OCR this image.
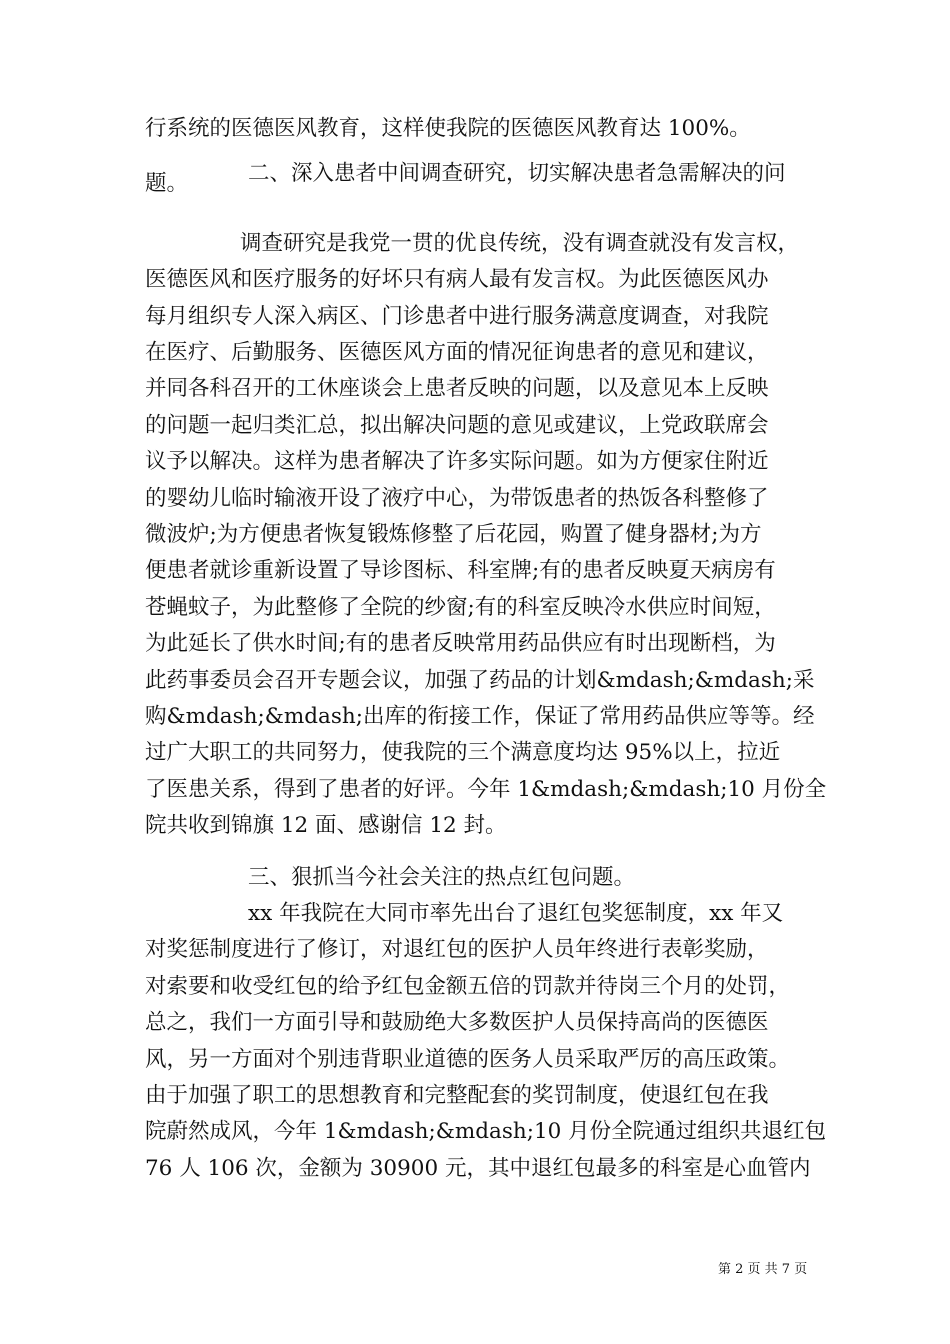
行系统的医德医风教育，这样使我院的医德医风教育达 100%。
二、深入患者中间调查研究，切实解决患者急需解决的问
题。
调查研究是我党一贯的优良传统，没有调查就没有发言权，
医德医风和医疗服务的好坏只有病人最有发言权。为此医德医风办
每月组织专人深入病区、门诊患者中进行服务满意度调查，对我院
在医疗、后勤服务、医德医风方面的情况征询患者的意见和建议，
并同各科召开的工休座谈会上患者反映的问题，以及意见本上反映
的问题一起归类汇总，拟出解决问题的意见或建议，上党政联席会
议予以解决。这样为患者解决了许多实际问题。如为方便家住附近
的婴幼儿临时输液开设了液疗中心，为带饭患者的热饭各科整修了
微波炉;为方便患者恢复锻炼修整了后花园，购置了健身器材;为方
便患者就诊重新设置了导诊图标、科室牌;有的患者反映夏天病房有
苍蝇蚊子，为此整修了全院的纱窗;有的科室反映冷水供应时间短，
为此延长了供水时间;有的患者反映常用药品供应有时出现断档，为
此药事委员会召开专题会议，加强了药品的计划&mdash;&mdash;采
购&mdash;&mdash;出库的衔接工作，保证了常用药品供应等等。经
过广大职工的共同努力，使我院的三个满意度均达 95%以上，拉近
了医患关系，得到了患者的好评。今年 1&mdash;&mdash;10 月份全
院共收到锦旗 12 面、感谢信 12 封。
三、狠抓当今社会关注的热点红包问题。
xx 年我院在大同市率先出台了退红包奖惩制度，xx 年又
对奖惩制度进行了修订，对退红包的医护人员年终进行表彰奖励，
对索要和收受红包的给予红包金额五倍的罚款并待岗三个月的处罚，
总之，我们一方面引导和鼓励绝大多数医护人员保持高尚的医德医
风，另一方面对个别违背职业道德的医务人员采取严厉的高压政策。
由于加强了职工的思想教育和完整配套的奖罚制度，使退红包在我
院蔚然成风，今年 1&mdash;&mdash;10 月份全院通过组织共退红包
76 人 106 次，金额为 30900 元，其中退红包最多的科室是心血管内
第 2 页 共 7 页
